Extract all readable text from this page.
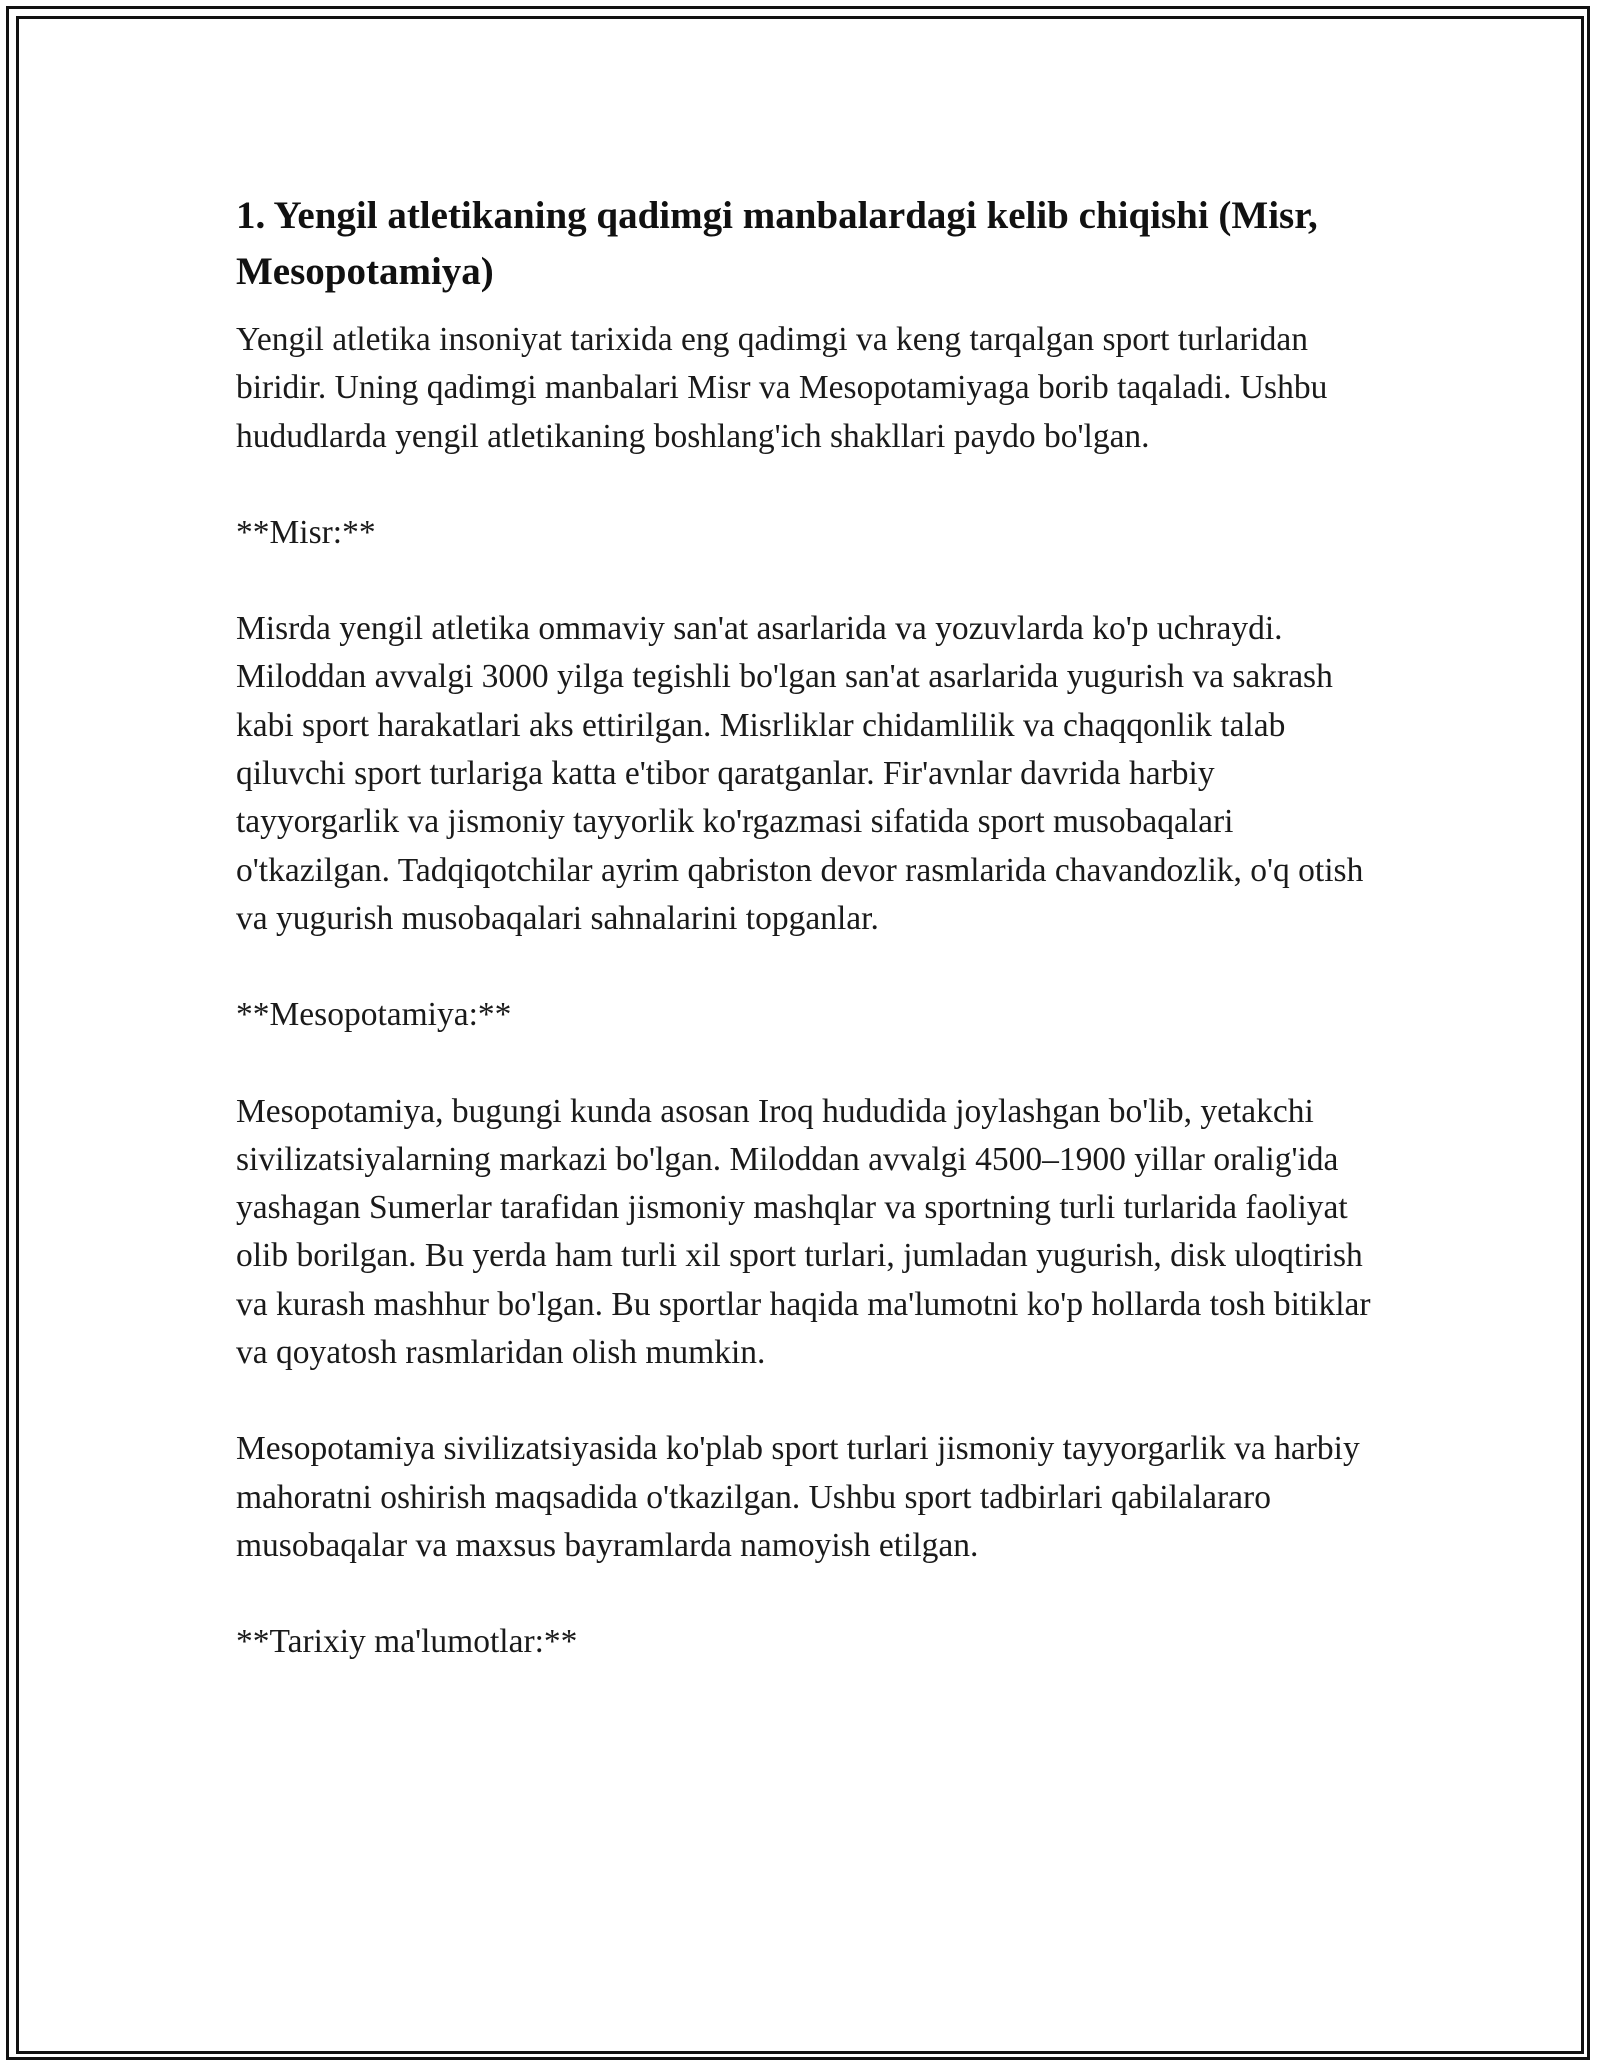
1. Yengil atletikaning qadimgi manbalardagi kelib chiqishi (Misr, Mesopotamiya)

Yengil atletika insoniyat tarixida eng qadimgi va keng tarqalgan sport turlaridan biridir. Uning qadimgi manbalari Misr va Mesopotamiyaga borib taqaladi. Ushbu hududlarda yengil atletikaning boshlang'ich shakllari paydo bo'lgan.

**Misr:**

Misrda yengil atletika ommaviy san'at asarlarida va yozuvlarda ko'p uchraydi. Miloddan avvalgi 3000 yilga tegishli bo'lgan san'at asarlarida yugurish va sakrash kabi sport harakatlari aks ettirilgan. Misrliklar chidamlilik va chaqqonlik talab qiluvchi sport turlariga katta e'tibor qaratganlar. Fir'avnlar davrida harbiy tayyorgarlik va jismoniy tayyorlik ko'rgazmasi sifatida sport musobaqalari o'tkazilgan. Tadqiqotchilar ayrim qabriston devor rasmlarida chavandozlik, o'q otish va yugurish musobaqalari sahnalarini topganlar.

**Mesopotamiya:**

Mesopotamiya, bugungi kunda asosan Iroq hududida joylashgan bo'lib, yetakchi sivilizatsiyalarning markazi bo'lgan. Miloddan avvalgi 4500–1900 yillar oralig'ida yashagan Sumerlar tarafidan jismoniy mashqlar va sportning turli turlarida faoliyat olib borilgan. Bu yerda ham turli xil sport turlari, jumladan yugurish, disk uloqtirish va kurash mashhur bo'lgan. Bu sportlar haqida ma'lumotni ko'p hollarda tosh bitiklar va qoyatosh rasmlaridan olish mumkin.

Mesopotamiya sivilizatsiyasida ko'plab sport turlari jismoniy tayyorgarlik va harbiy mahoratni oshirish maqsadida o'tkazilgan. Ushbu sport tadbirlari qabilalararo musobaqalar va maxsus bayramlarda namoyish etilgan.

**Tarixiy ma'lumotlar:**
